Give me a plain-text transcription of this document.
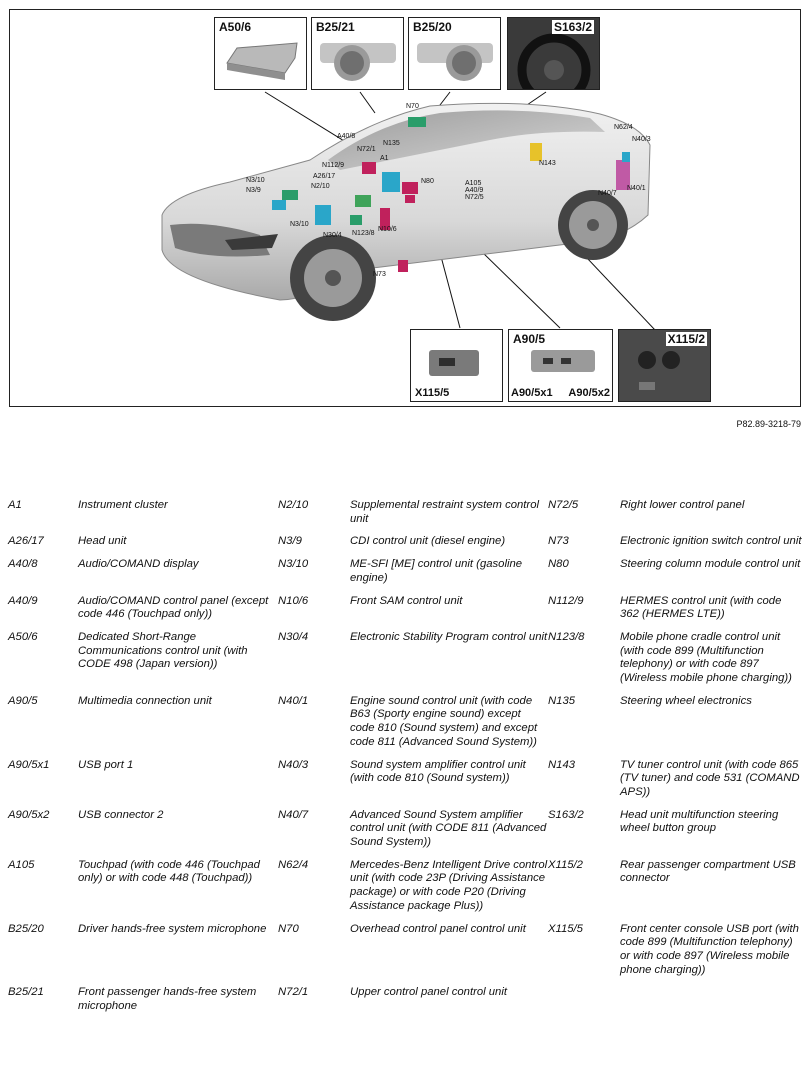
N70
A40/8
N72/1
N135
N112/9
A1
N80
N3/10
N3/9
A26/17
N2/10	A105
A40/9
N72/5
N3/10
N30/4 N123/8
N10/6
N73
N143
N62/4
N40/3
N40/7
N40/1
A50/6	B25/21	B25/20	S163/2
X115/5
A90/5
A90/5x1 A90/5x2
X115/2
P82.89-3218-79
A1	Instrument cluster	N2/10	Supplemental restraint system control unit	N72/5	Right lower control panel
A26/17	Head unit	N3/9	CDI control unit (diesel engine)	N73	Electronic ignition switch control unit
A40/8	Audio/COMAND display	N3/10	ME-SFI [ME] control unit (gasoline engine)	N80	Steering column module control unit
A40/9	Audio/COMAND control panel (except code 446 (Touchpad only))	N10/6	Front SAM control unit	N112/9	HERMES control unit (with code 362 (HERMES LTE))
A50/6	Dedicated Short-Range Communications control unit (with CODE 498 (Japan version))	N30/4	Electronic Stability Program control unit	N123/8	Mobile phone cradle control unit (with code 899 (Multifunction telephony) or with code 897 (Wireless mobile phone charging))
A90/5	Multimedia connection unit	N40/1	Engine sound control unit (with code B63 (Sporty engine sound) except code 810 (Sound system) and except code 811 (Advanced Sound System))	N135	Steering wheel electronics
A90/5x1	USB port 1	N40/3	Sound system amplifier control unit (with code 810 (Sound system))	N143	TV tuner control unit (with code 865 (TV tuner) and code 531 (COMAND APS))
A90/5x2	USB connector 2	N40/7	Advanced Sound System amplifier control unit (with CODE 811 (Advanced Sound System))	S163/2	Head unit multifunction steering wheel button group
A105	Touchpad (with code 446 (Touchpad only) or with code 448 (Touchpad))	N62/4	Mercedes-Benz Intelligent Drive control unit (with code 23P (Driving Assistance package) or with code P20 (Driving Assistance package Plus))	X115/2	Rear passenger compartment USB connector
B25/20	Driver hands-free system microphone	N70	Overhead control panel control unit	X115/5	Front center console USB port (with code 899 (Multifunction telephony) or with code 897 (Wireless mobile phone charging))
B25/21	Front passenger hands-free system microphone	N72/1	Upper control panel control unit		
